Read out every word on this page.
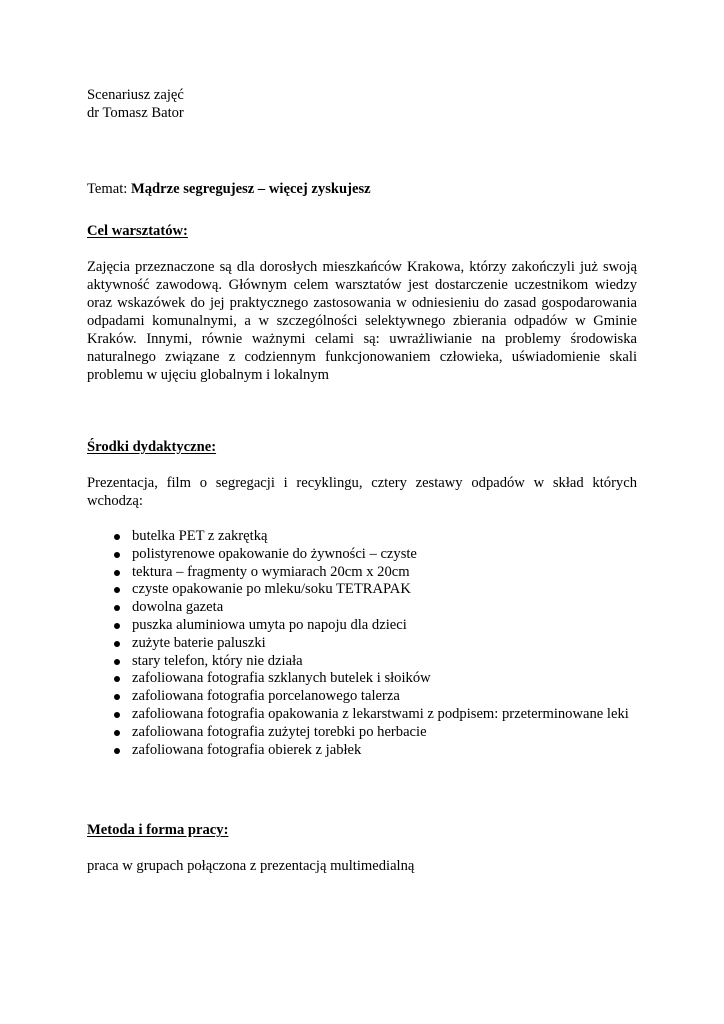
Scenariusz zajęć
dr Tomasz Bator
Temat: Mądrze segregujesz – więcej zyskujesz
Cel warsztatów:
Zajęcia przeznaczone są dla dorosłych mieszkańców Krakowa, którzy zakończyli już swoją aktywność zawodową. Głównym celem warsztatów jest dostarczenie uczestnikom wiedzy oraz wskazówek do jej praktycznego zastosowania w odniesieniu do zasad gospodarowania odpadami komunalnymi, a w szczególności selektywnego zbierania odpadów w Gminie Kraków. Innymi, równie ważnymi celami są: uwrażliwianie na problemy środowiska naturalnego związane z codziennym funkcjonowaniem człowieka, uświadomienie skali problemu w ujęciu globalnym i lokalnym
Środki dydaktyczne:
Prezentacja, film o segregacji i recyklingu, cztery zestawy odpadów w skład których wchodzą:
butelka PET z zakrętką
polistyrenowe opakowanie do żywności – czyste
tektura – fragmenty o wymiarach 20cm x 20cm
czyste opakowanie po mleku/soku TETRAPAK
dowolna gazeta
puszka aluminiowa umyta po napoju dla dzieci
zużyte baterie paluszki
stary telefon, który nie działa
zafoliowana fotografia szklanych butelek i słoików
zafoliowana fotografia porcelanowego talerza
zafoliowana fotografia opakowania z lekarstwami z podpisem: przeterminowane leki
zafoliowana fotografia zużytej torebki po herbacie
zafoliowana fotografia obierek z jabłek
Metoda i forma pracy:
praca w grupach połączona z prezentacją multimedialną
